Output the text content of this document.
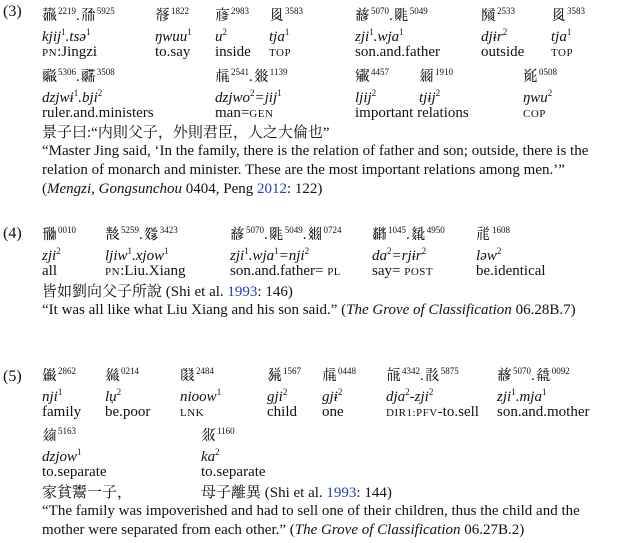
(3) 𗖻$^{2219}$.𗗙$^{5925}$
kjij$^1$.tsə$^1$
PN:Jingzi
𘃡$^{1822}$
ŋwuu$^1$
to.say
𗇋$^{2983}$
$u^2$
inside
𘉋$^{3583}$
tja$^1$
TOP
𗒘$^{5070}$.𘉏$^{5049}$
zji$^1$.wja$^1$
son.and.father
𗂧$^{2533}$
djɨr$^2$
outside
𘉋$^{3583}$
tja$^1$
TOP
𘓺$^{5306}$.𘓷$^{3508}$
dzjwɨ$^1$.bji$^2$
ruler.and.ministers
𗍫$^{2541}$.𗾟$^{1139}$
dzjwo$^2$=jij$^1$
man=GEN
𗌚$^{4457}$
ljij$^2$
important relations
𗥃$^{1910}$
tjɨj$^2$
𘍞$^{0508}$
ŋwu$^2$
COP
景子曰:“内則父子，外則君臣，人之大倫也”
“Master Jing said, ‘In the family, there is the relation of father and son; outside, there is the relation of monarch and minister. These are the most important relations among men.’” (Mengzi, Gongsunchou 0404, Peng 2012: 122)
(4) 𗍑$^{0010}$
zji$^2$
all
𘕕$^{5259}$.𗬓$^{3423}$
ljiw$^1$.xjow$^1$
PN:Liu.Xiang
𗒘$^{5070}$.𘉏$^{5049}$.𗾞$^{0724}$
zji$^1$.wja$^1$=nji$^2$
son.and.father= PL
𘂤$^{1045}$.𘊝$^{4950}$
$da^2=rjɨr^2$
say= POST
𗙏$^{1608}$
ləw$^2$
be.identical
皆如劉向父子所說 (Shi et al. 1993: 146)
“It was all like what Liu Xiang and his son said.” (The Grove of Classification 06.28B.7)
(5) 𗏹$^{2862}$
nji$^1$
family
𗦁$^{0214}$
lụ$^2$
be.poor
𗂸$^{2484}$
nioow$^1$
LNK
𗉬$^{1567}$
gji$^2$
child
𗍫$^{0448}$
gjɨ$^2$
one
𗭍$^{4342}$.𘃸$^{5875}$
dja$^2$-zji$^2$
DIR1:PFV-to.sell
𗒘$^{5070}$.𗻠$^{0092}$
zji$^1$.mja$^1$
son.and.mother
𗦻$^{5163}$
dzjow$^1$
to.separate
𗼇$^{1160}$
$ka^2$
to.separate
家貧鬻一子，	母子離異 (Shi et al. 1993: 144)
“The family was impoverished and had to sell one of their children, thus the child and the mother were separated from each other.” (The Grove of Classification 06.27B.2)
